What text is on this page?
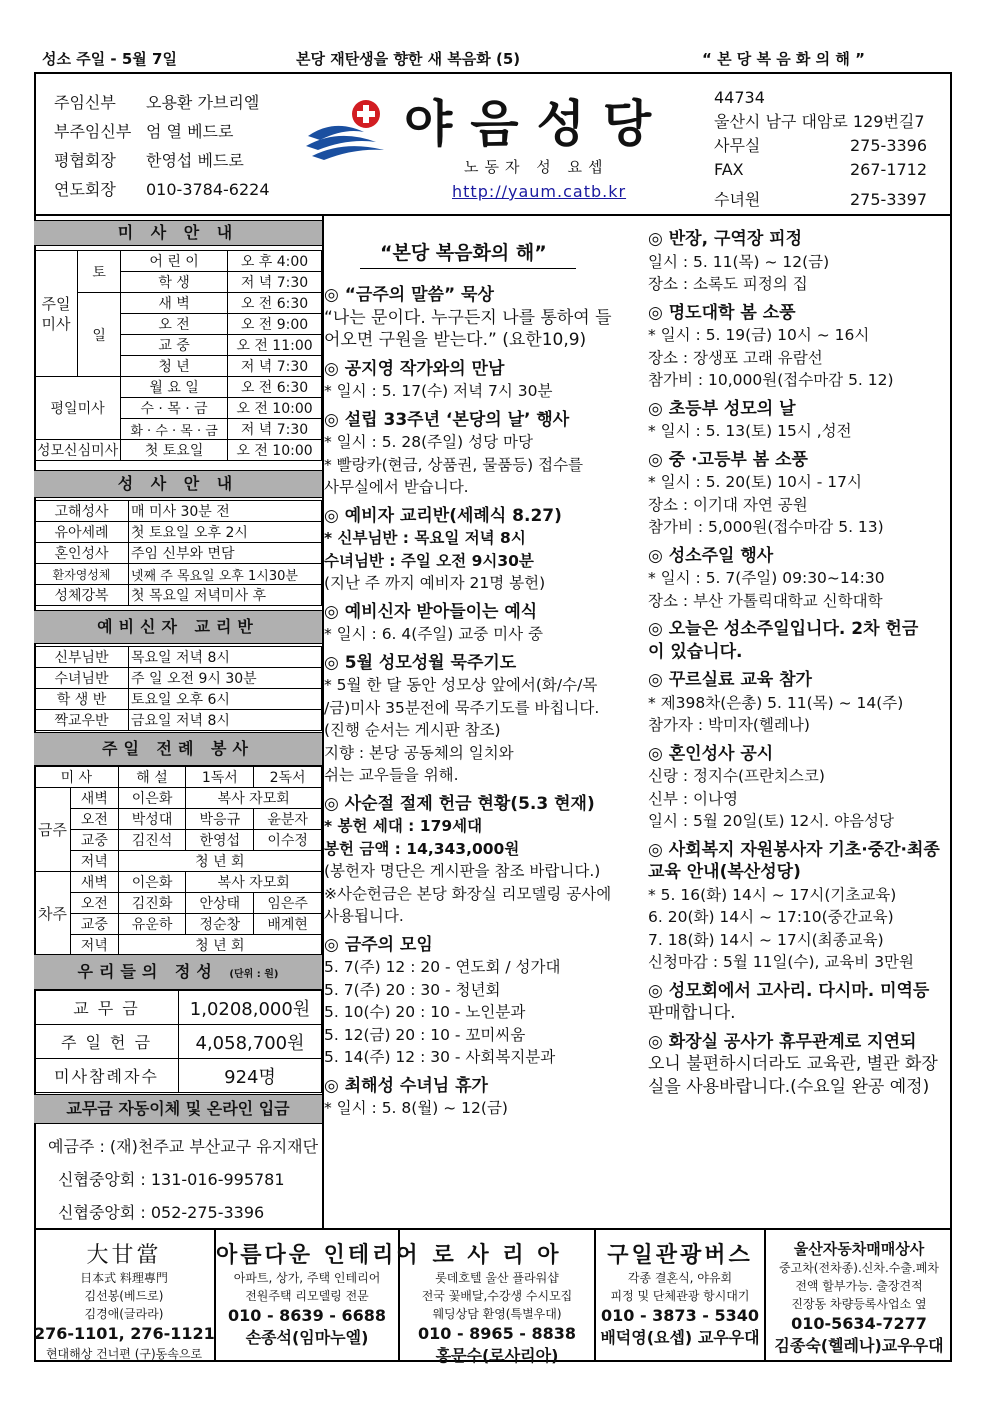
성소 주일 - 5월 7일	본당 재탄생을 향한 새 복음화 (5)	“ 본 당 복 음 화 의 해 ”
주임신부 오용환 가브리엘
부주임신부 엄 열 베드로
평협회장 한영섭 베드로
연도회장 010-3784-6224
야음성당
노동자 성 요셉
http://yaum.catb.kr
44734
울산시 남구 대암로 129번길7
사무실	275-3396
FAX	267-1712
수녀원	275-3397
미 사 안 내
주일미사	토	어 린 이	오 후 4:00
		학 생	저 녁 7:30
	일	새 벽	오 전 6:30
		오 전	오 전 9:00
		교 중	오 전 11:00
		청 년	저 녁 7:30
평일미사		월 요 일	오 전 6:30
		수 · 목 · 금	오 전 10:00
		화 · 수 · 목 · 금	저 녁 7:30
성모신심미사		첫 토요일	오 전 10:00
성 사 안 내
고해성사	매 미사 30분 전
유아세례	첫 토요일 오후 2시
혼인성사	주임 신부와 면담
환자영성체	넷째 주 목요일 오후 1시30분
성체강복	첫 목요일 저녁미사 후
예비신자 교리반
신부님반	목요일 저녁 8시
수녀님반	주 일 오전 9시 30분
학 생 반	토요일 오후 6시
짝교우반	금요일 저녁 8시
주일 전례 봉사
미 사		해 설	1독서	2독서
금주	새벽	이은화	복사 자모회	
	오전	박성대	박응규	윤분자
	교중	김진석	한영섭	이수정
	저녁	청 년 회		
차주	새벽	이은화	복사 자모회	
	오전	김진화	안상태	임은주
	교중	유운하	정순창	배계현
	저녁	청 년 회		
우리들의 정성 (단위 : 원)
교 무 금	1,0208,000원
주 일 헌 금	4,058,700원
미사참례자수	924명
교무금 자동이체 및 온라인 입금
예금주 : (재)천주교 부산교구 유지재단
신협중앙회 : 131-016-995781
신협중앙회 : 052-275-3396
“본당 복음화의 해”
◎ “금주의 말씀” 묵상
“나는 문이다. 누구든지 나를 통하여 들
어오면 구원을 받는다.” (요한10,9)
◎ 공지영 작가와의 만남
* 일시 : 5. 17(수) 저녁 7시 30분
◎ 설립 33주년 ‘본당의 날’ 행사
* 일시 : 5. 28(주일) 성당 마당
* 빨랑카(현금, 상품권, 물품등) 접수를
사무실에서 받습니다.
◎ 예비자 교리반(세례식 8.27)
* 신부님반 : 목요일 저녁 8시
수녀님반 : 주일 오전 9시30분
(지난 주 까지 예비자 21명 봉헌)
◎ 예비신자 받아들이는 예식
* 일시 : 6. 4(주일) 교중 미사 중
◎ 5월 성모성월 묵주기도
* 5월 한 달 동안 성모상 앞에서(화/수/목
/금)미사 35분전에 묵주기도를 바칩니다.
(진행 순서는 게시판 참조)
지향 : 본당 공동체의 일치와
쉬는 교우들을 위해.
◎ 사순절 절제 헌금 현황(5.3 현재)
* 봉헌 세대 : 179세대
봉헌 금액 : 14,343,000원
(봉헌자 명단은 게시판을 참조 바랍니다.)
※사순헌금은 본당 화장실 리모델링 공사에
사용됩니다.
◎ 금주의 모임
5. 7(주) 12 : 20 - 연도회 / 성가대
5. 7(주) 20 : 30 - 청년회
5. 10(수) 20 : 10 - 노인분과
5. 12(금) 20 : 10 - 꼬미씨움
5. 14(주) 12 : 30 - 사회복지분과
◎ 최해성 수녀님 휴가
* 일시 : 5. 8(월) ~ 12(금)
◎ 반장, 구역장 피정
일시 : 5. 11(목) ~ 12(금)
장소 : 소록도 피정의 집
◎ 명도대학 봄 소풍
* 일시 : 5. 19(금) 10시 ~ 16시
장소 : 장생포 고래 유람선
참가비 : 10,000원(접수마감 5. 12)
◎ 초등부 성모의 날
* 일시 : 5. 13(토) 15시 ,성전
◎ 중 ·고등부 봄 소풍
* 일시 : 5. 20(토) 10시 - 17시
장소 : 이기대 자연 공원
참가비 : 5,000원(접수마감 5. 13)
◎ 성소주일 행사
* 일시 : 5. 7(주일) 09:30~14:30
장소 : 부산 가톨릭대학교 신학대학
◎ 오늘은 성소주일입니다. 2차 헌금
이 있습니다.
◎ 꾸르실료 교육 참가
* 제398차(은총) 5. 11(목) ~ 14(주)
참가자 : 박미자(헬레나)
◎ 혼인성사 공시
신랑 : 정지수(프란치스코)
신부 : 이나영
일시 : 5월 20일(토) 12시. 야음성당
◎ 사회복지 자원봉사자 기초·중간·최종
교육 안내(복산성당)
* 5. 16(화) 14시 ~ 17시(기초교육)
6. 20(화) 14시 ~ 17:10(중간교육)
7. 18(화) 14시 ~ 17시(최종교육)
신청마감 : 5월 11일(수), 교육비 3만원
◎ 성모회에서 고사리. 다시마. 미역등
판매합니다.
◎ 화장실 공사가 휴무관계로 지연되
오니 불편하시더라도 교육관, 별관 화장
실을 사용바랍니다.(수요일 완공 예정)
大甘當
日本式 料理專門
김선봉(베드로)
김경애(글라라)
276-1101, 276-1121
현대해상 건너편 (구)동속으로
아름다운 인테리어
아파트, 상가, 주택 인테리어
전원주택 리모델링 전문
010 - 8639 - 6688
손종석(임마누엘)
로 사 리 아
롯데호텔 울산 플라워샵
전국 꽃배달,수강생 수시모집
웨딩상담 환영(특별우대)
010 - 8965 - 8838
홍문수(로사리아)
구일관광버스
각종 결혼식, 야유회
피정 및 단체관광 항시대기
010 - 3873 - 5340
배덕영(요셉) 교우우대
울산자동차매매상사
중고차(전차종).신차.수출.폐차
전액 할부가능. 출장견적
진장동 차량등록사업소 옆
010-5634-7277
김종숙(헬레나)교우우대
